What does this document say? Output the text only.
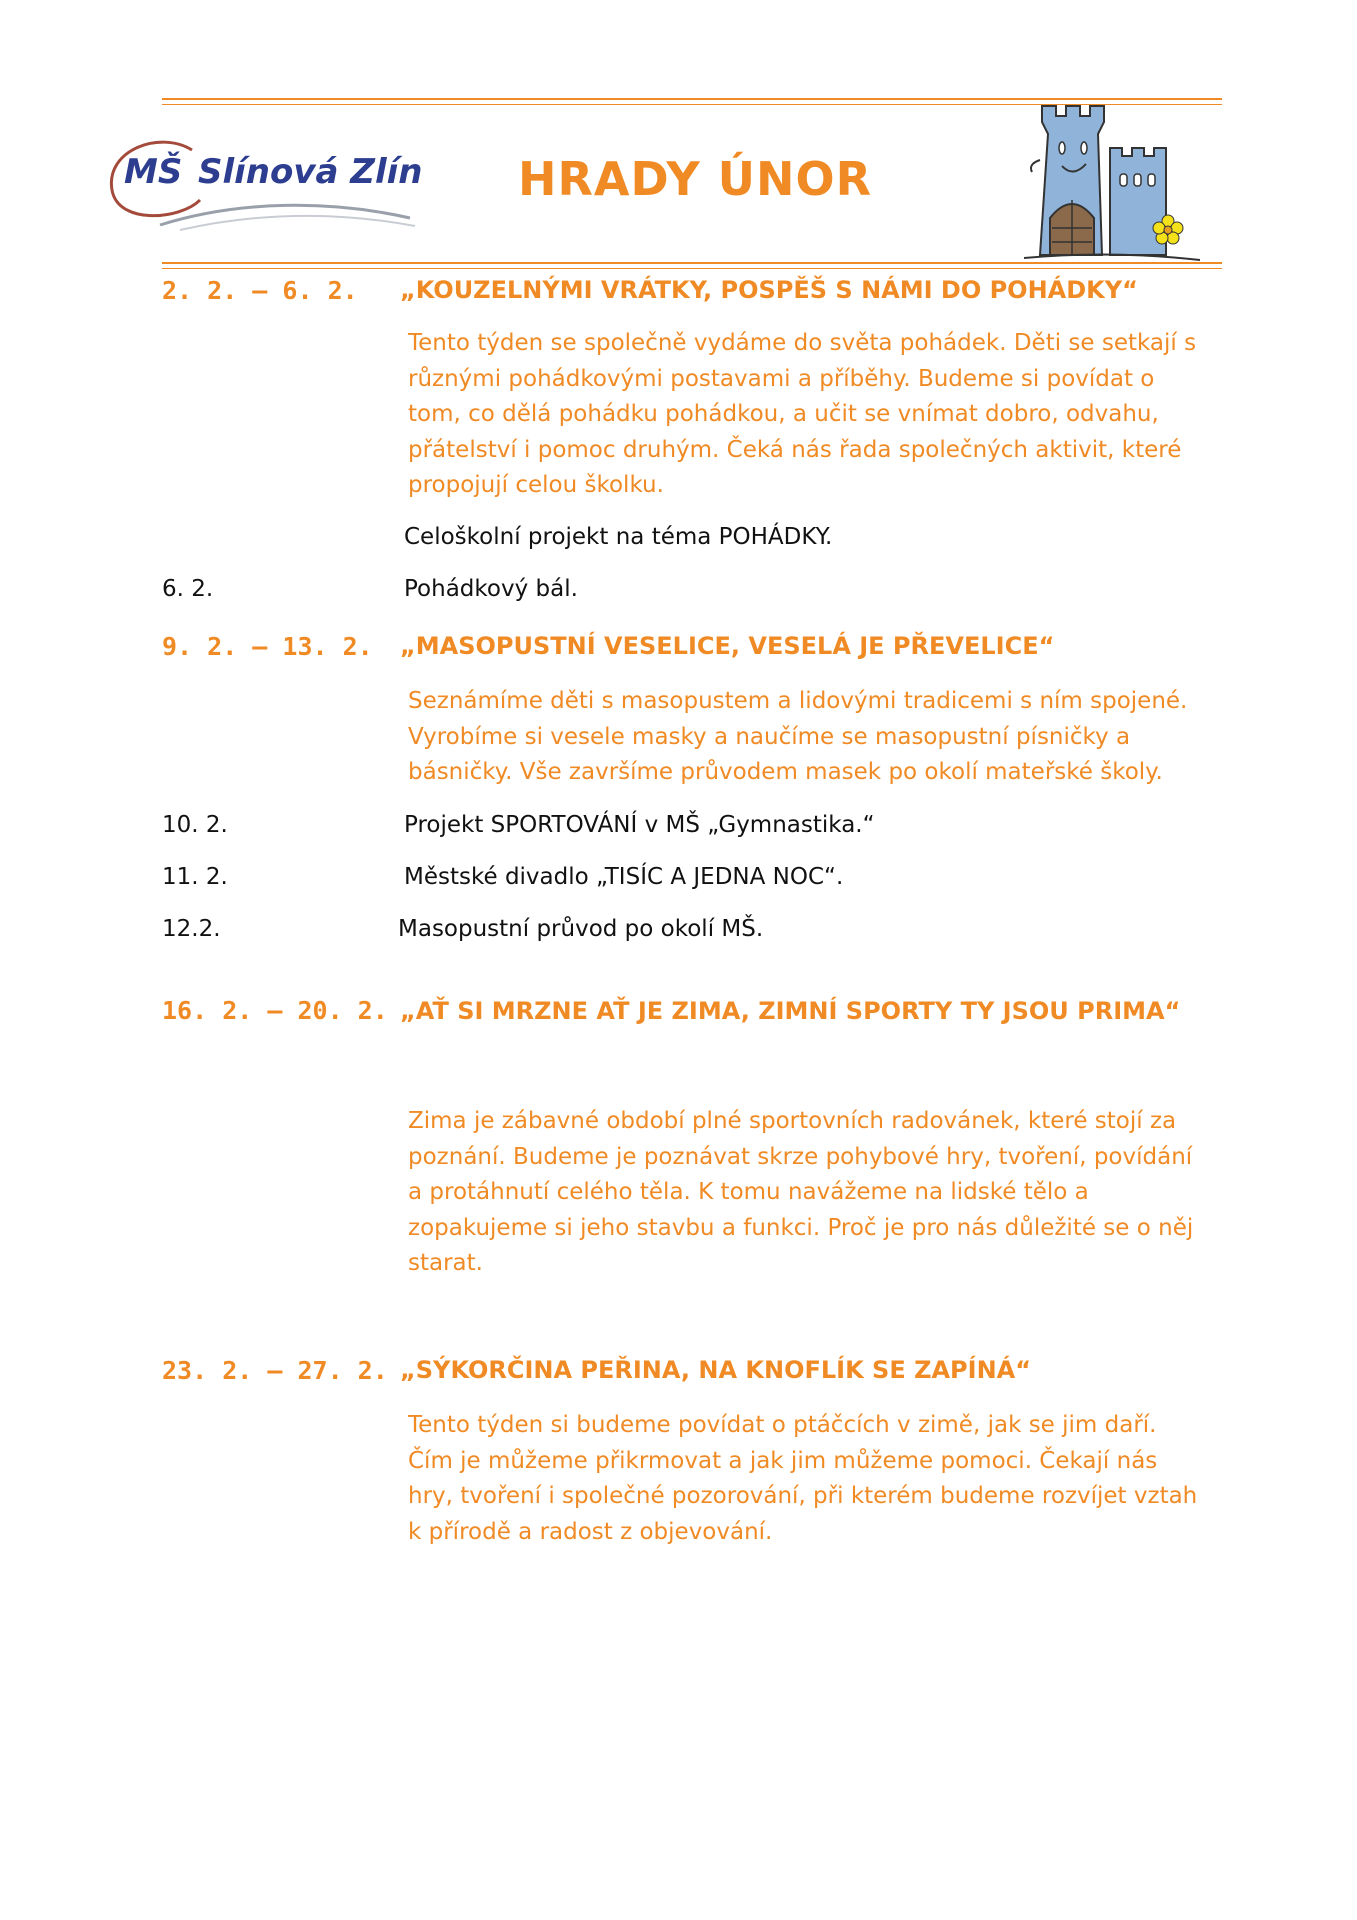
MŠ Slínová Zlín	HRADY ÚNOR
2. 2. – 6. 2. „KOUZELNÝMI VRÁTKY, POSPĚŠ S NÁMI DO POHÁDKY“
Tento týden se společně vydáme do světa pohádek. Děti se setkají s různými pohádkovými postavami a příběhy. Budeme si povídat o tom, co dělá pohádku pohádkou, a učit se vnímat dobro, odvahu, přátelství i pomoc druhým. Čeká nás řada společných aktivit, které propojují celou školku.
Celoškolní projekt na téma POHÁDKY.
6. 2.	Pohádkový bál.
9. 2. – 13. 2. „MASOPUSTNÍ VESELICE, VESELÁ JE PŘEVELICE“
Seznámíme děti s masopustem a lidovými tradicemi s ním spojené. Vyrobíme si vesele masky a naučíme se masopustní písničky a básničky. Vše završíme průvodem masek po okolí mateřské školy.
10. 2.	Projekt SPORTOVÁNÍ v MŠ „Gymnastika.“
11. 2.	Městské divadlo „TISÍC A JEDNA NOC“.
12.2.	Masopustní průvod po okolí MŠ.
16. 2. – 20. 2. „AŤ SI MRZNE AŤ JE ZIMA, ZIMNÍ SPORTY TY JSOU PRIMA“
Zima je zábavné období plné sportovních radovánek, které stojí za poznání. Budeme je poznávat skrze pohybové hry, tvoření, povídání a protáhnutí celého těla. K tomu navážeme na lidské tělo a zopakujeme si jeho stavbu a funkci. Proč je pro nás důležité se o něj starat.
23. 2. – 27. 2. „SÝKORČINA PEŘINA, NA KNOFLÍK SE ZAPÍNÁ“
Tento týden si budeme povídat o ptáčcích v zimě, jak se jim daří. Čím je můžeme přikrmovat a jak jim můžeme pomoci. Čekají nás hry, tvoření i společné pozorování, při kterém budeme rozvíjet vztah k přírodě a radost z objevování.
